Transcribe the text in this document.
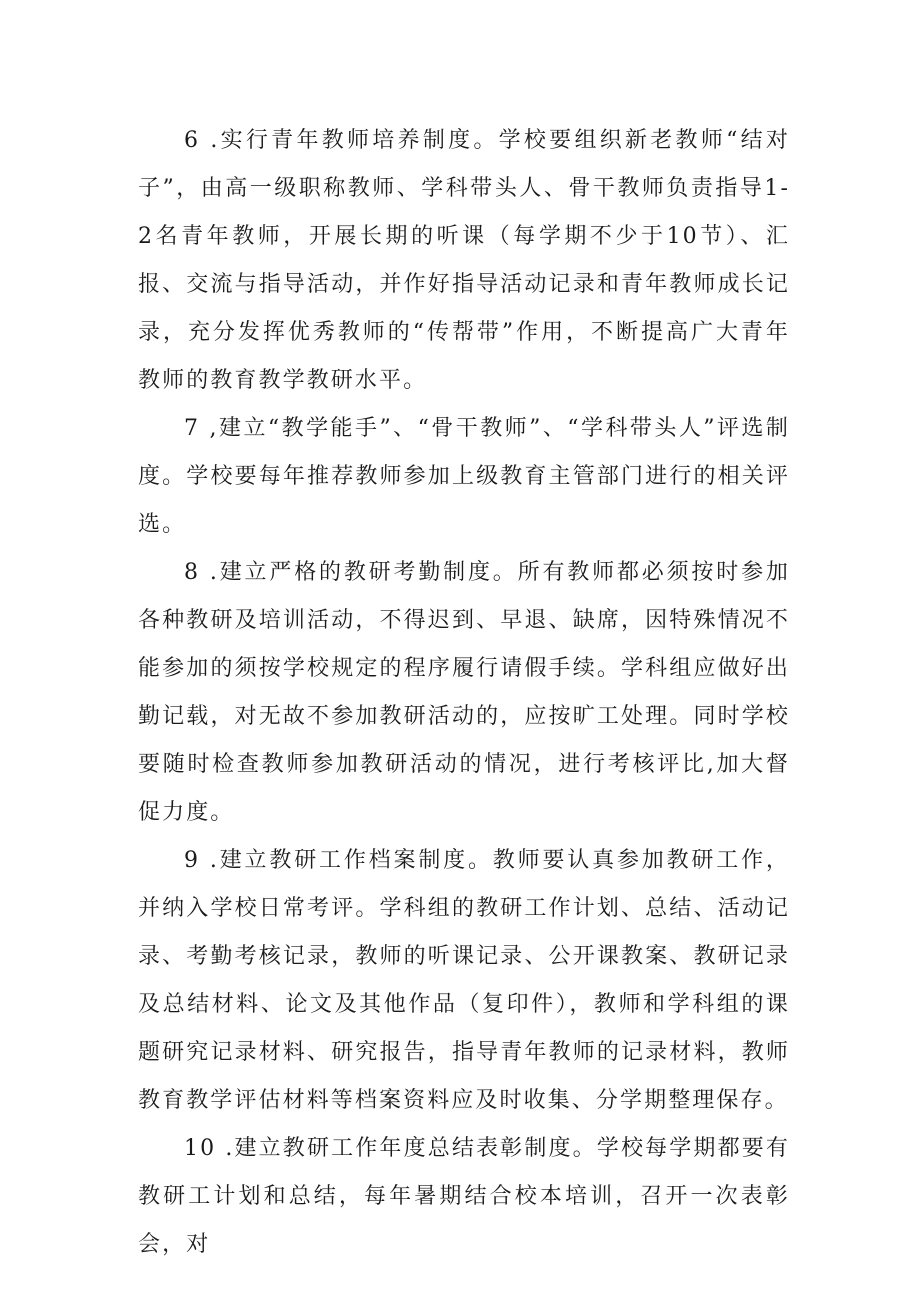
6 .实行青年教师培养制度。学校要组织新老教师“结对子”，由高一级职称教师、学科带头人、骨干教师负责指导1-2名青年教师，开展长期的听课（每学期不少于10节）、汇报、交流与指导活动，并作好指导活动记录和青年教师成长记录，充分发挥优秀教师的“传帮带”作用，不断提高广大青年教师的教育教学教研水平。

7 ,建立“教学能手”、“骨干教师”、“学科带头人”评选制度。学校要每年推荐教师参加上级教育主管部门进行的相关评选。

8 .建立严格的教研考勤制度。所有教师都必须按时参加各种教研及培训活动，不得迟到、早退、缺席，因特殊情况不能参加的须按学校规定的程序履行请假手续。学科组应做好出勤记载，对无故不参加教研活动的，应按旷工处理。同时学校要随时检查教师参加教研活动的情况，进行考核评比,加大督促力度。

9 .建立教研工作档案制度。教师要认真参加教研工作，并纳入学校日常考评。学科组的教研工作计划、总结、活动记录、考勤考核记录，教师的听课记录、公开课教案、教研记录及总结材料、论文及其他作品（复印件），教师和学科组的课题研究记录材料、研究报告，指导青年教师的记录材料，教师教育教学评估材料等档案资料应及时收集、分学期整理保存。

10 .建立教研工作年度总结表彰制度。学校每学期都要有教研工计划和总结，每年暑期结合校本培训，召开一次表彰会，对
